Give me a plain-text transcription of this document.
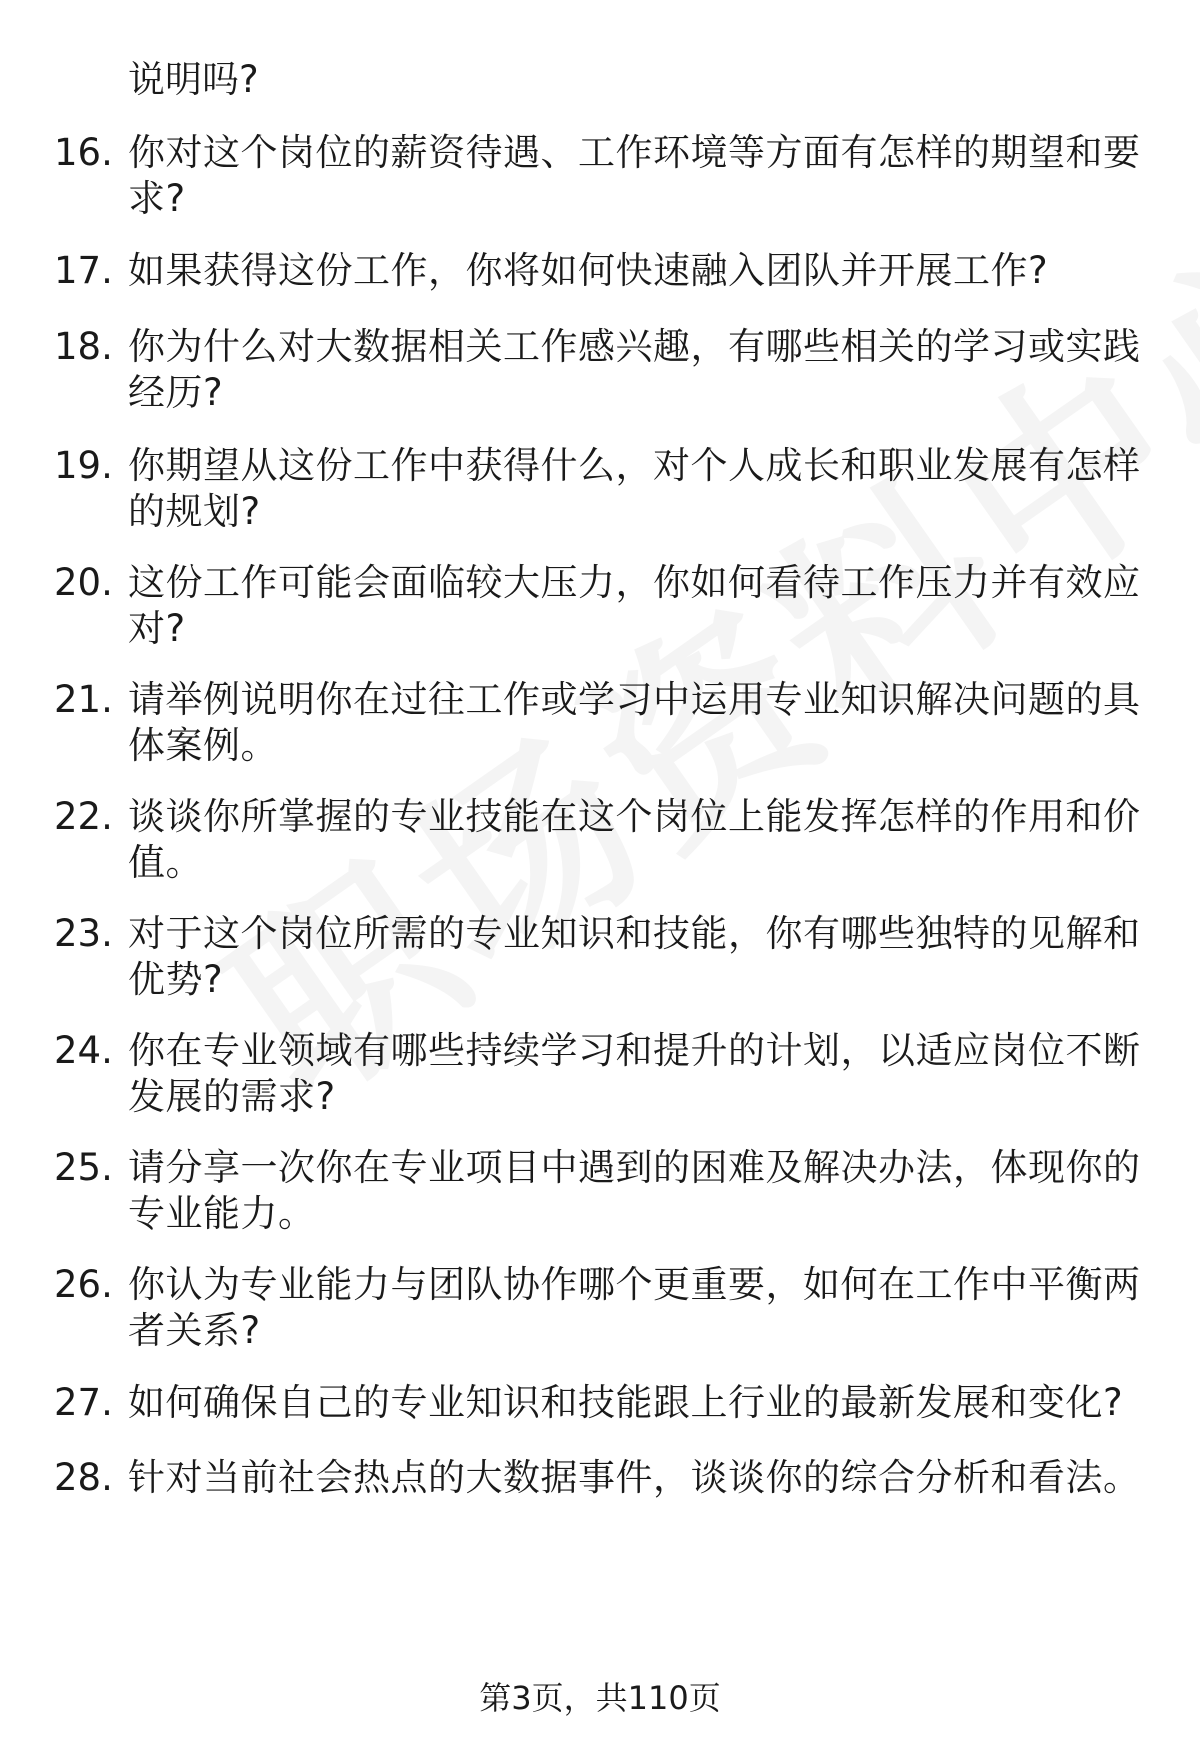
说明吗?
16. 你对这个岗位的薪资待遇、工作环境等方面有怎样的期望和要求?
17. 如果获得这份工作，你将如何快速融入团队并开展工作?
18. 你为什么对大数据相关工作感兴趣，有哪些相关的学习或实践经历?
19. 你期望从这份工作中获得什么，对个人成长和职业发展有怎样的规划?
20. 这份工作可能会面临较大压力，你如何看待工作压力并有效应对?
21. 请举例说明你在过往工作或学习中运用专业知识解决问题的具体案例。
22. 谈谈你所掌握的专业技能在这个岗位上能发挥怎样的作用和价值。
23. 对于这个岗位所需的专业知识和技能，你有哪些独特的见解和优势?
24. 你在专业领域有哪些持续学习和提升的计划，以适应岗位不断发展的需求?
25. 请分享一次你在专业项目中遇到的困难及解决办法，体现你的专业能力。
26. 你认为专业能力与团队协作哪个更重要，如何在工作中平衡两者关系?
27. 如何确保自己的专业知识和技能跟上行业的最新发展和变化?
28. 针对当前社会热点的大数据事件，谈谈你的综合分析和看法。
第3页，共110页
